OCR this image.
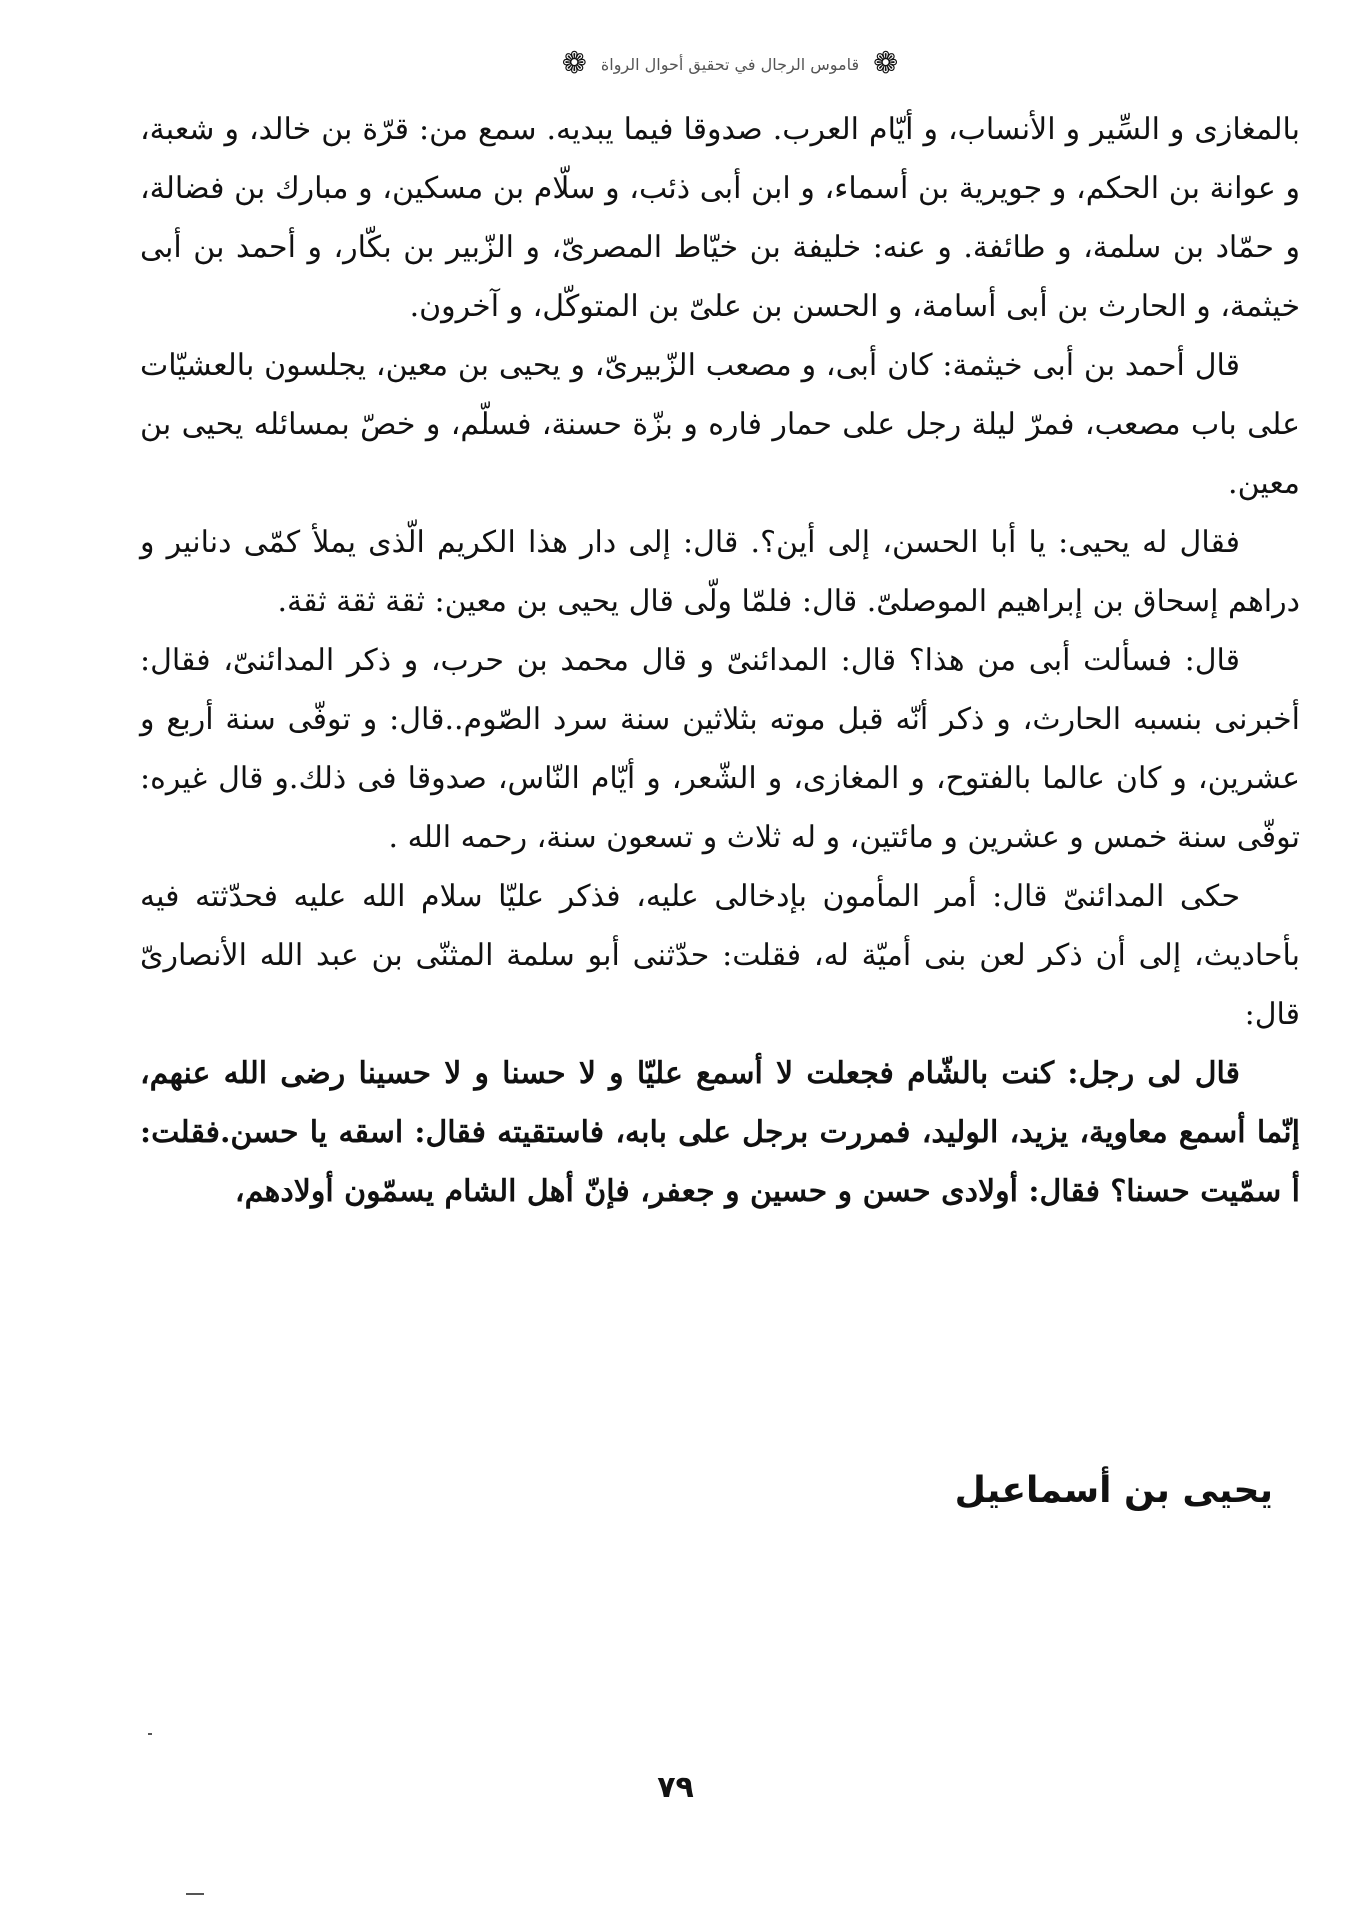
❁
قاموس الرجال في تحقيق أحوال الرواة
❁

بالمغازى و السِّير و الأنساب، و أيّام العرب. صدوقا فيما يبديه. سمع من: قرّة بن خالد، و شعبة، و عوانة بن الحكم، و جويرية بن أسماء، و ابن أبى ذئب، و سلّام بن مسكين، و مبارك بن فضالة، و حمّاد بن سلمة، و طائفة. و عنه: خليفة بن خيّاط المصرىّ، و الزّبير بن بكّار، و أحمد بن أبى خيثمة، و الحارث بن أبى أسامة، و الحسن بن علىّ بن المتوكّل، و آخرون.

قال أحمد بن أبى خيثمة: كان أبى، و مصعب الزّبيرىّ، و يحيى بن معين، يجلسون بالعشيّات على باب مصعب، فمرّ ليلة رجل على حمار فاره و بزّة حسنة، فسلّم، و خصّ بمسائله يحيى بن معين.

فقال له يحيى: يا أبا الحسن، إلى أين؟. قال: إلى دار هذا الكريم الّذى يملأ كمّى دنانير و دراهم إسحاق بن إبراهيم الموصلىّ. قال: فلمّا ولّى قال يحيى بن معين: ثقة ثقة ثقة.

قال: فسألت أبى من هذا؟ قال: المدائنىّ و قال محمد بن حرب، و ذكر المدائنىّ، فقال: أخبرنى بنسبه الحارث، و ذكر أنّه قبل موته بثلاثين سنة سرد الصّوم..قال: و توفّى سنة أربع و عشرين، و كان عالما بالفتوح، و المغازى، و الشّعر، و أيّام النّاس، صدوقا فى ذلك.و قال غيره: توفّى سنة خمس و عشرين و مائتين، و له ثلاث و تسعون سنة، رحمه الله .

حكى المدائنىّ قال: أمر المأمون بإدخالى عليه، فذكر عليّا سلام الله عليه فحدّثته فيه بأحاديث، إلى أن ذكر لعن بنى أميّة له، فقلت: حدّثنى أبو سلمة المثنّى بن عبد الله الأنصارىّ قال:

قال لى رجل: كنت بالشّام فجعلت لا أسمع عليّا و لا حسنا و لا حسينا رضى الله عنهم، إنّما أسمع معاوية، يزيد، الوليد، فمررت برجل على بابه، فاستقيته فقال: اسقه يا حسن.فقلت: أ سمّيت حسنا؟ فقال: أولادى حسن و حسين و جعفر، فإنّ أهل الشام يسمّون أولادهم،

يحيى بن أسماعيل
٧٩
